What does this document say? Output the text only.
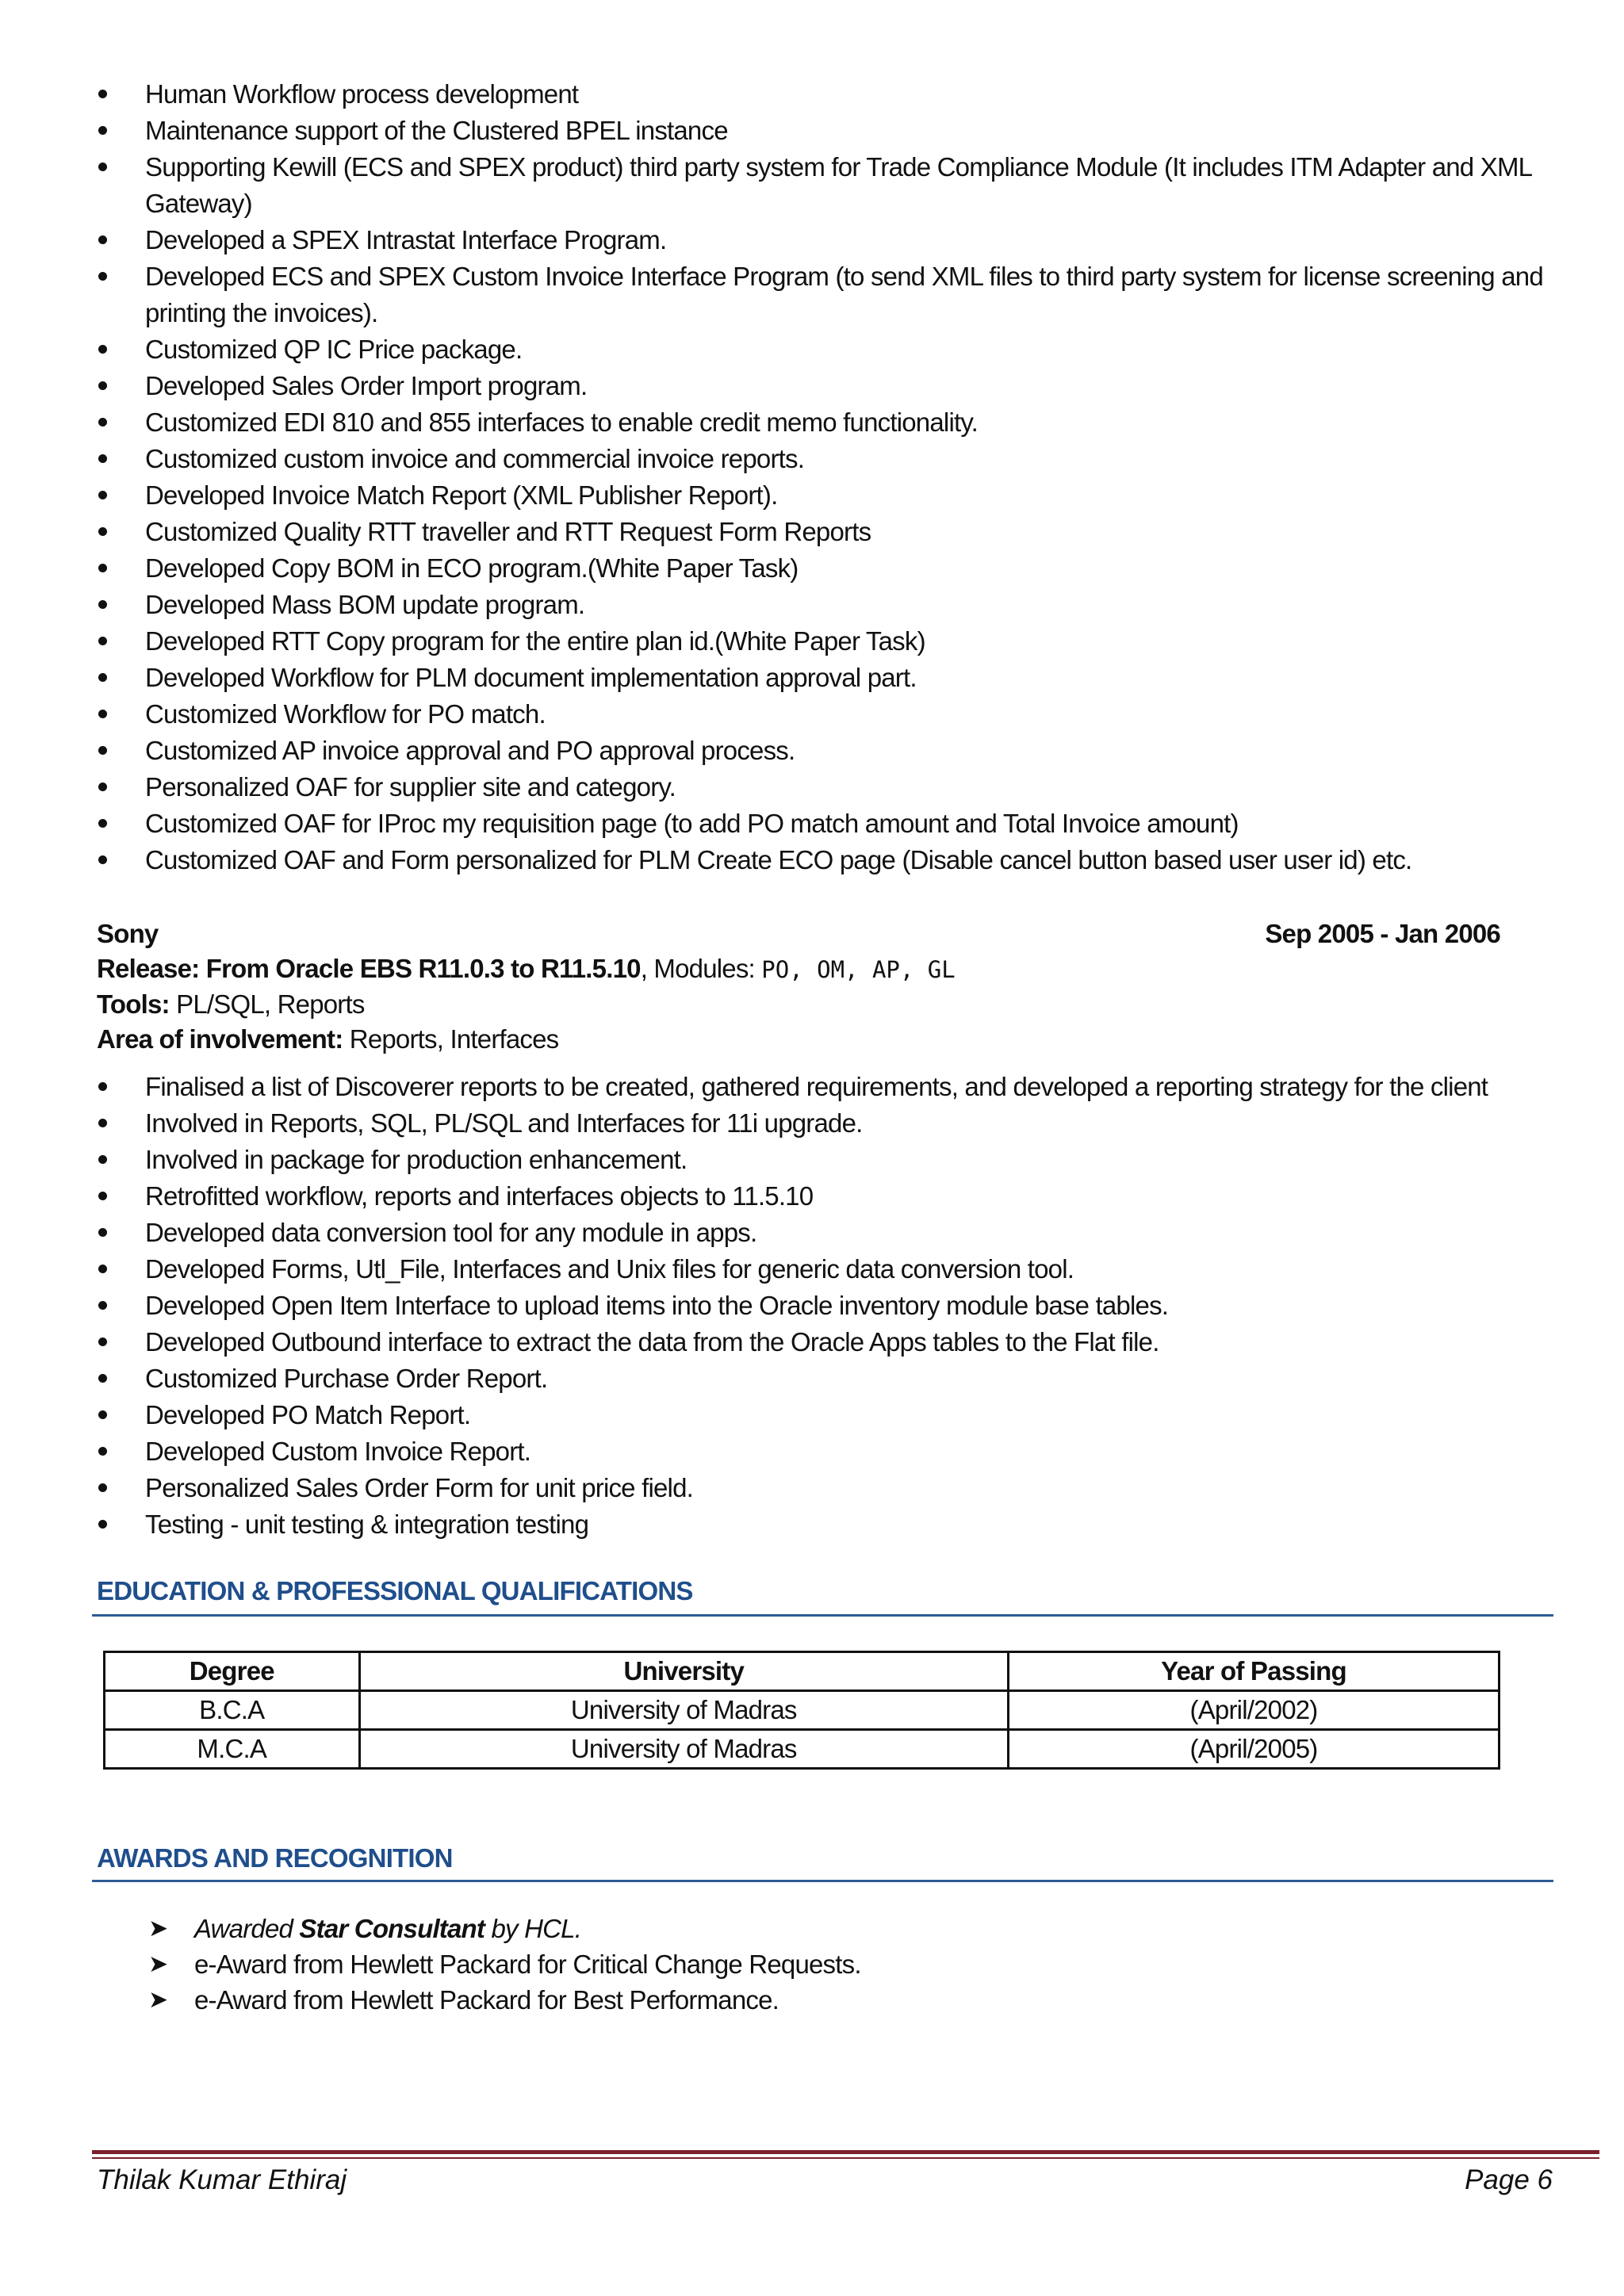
Human Workflow process development
Maintenance support of the Clustered BPEL instance
Supporting Kewill (ECS and SPEX product) third party system for Trade Compliance Module (It includes ITM Adapter and XML Gateway)
Developed a SPEX Intrastat Interface Program.
Developed ECS and SPEX Custom Invoice Interface Program (to send XML files to third party system for license screening and printing the invoices).
Customized QP IC Price package.
Developed Sales Order Import program.
Customized EDI 810 and 855 interfaces to enable credit memo functionality.
Customized custom invoice and commercial invoice reports.
Developed Invoice Match Report (XML Publisher Report).
Customized Quality RTT traveller and RTT Request Form Reports
Developed Copy BOM in ECO program.(White Paper Task)
Developed Mass BOM update program.
Developed RTT Copy program for the entire plan id.(White Paper Task)
Developed Workflow for PLM document implementation approval part.
Customized Workflow for PO match.
Customized AP invoice approval and PO approval process.
Personalized OAF for supplier site and category.
Customized OAF for IProc my requisition page (to add PO match amount and Total Invoice amount)
Customized OAF and Form personalized for PLM Create ECO page (Disable cancel button based user user id) etc.
Sony	Sep 2005 - Jan 2006
Release: From Oracle EBS R11.0.3 to R11.5.10, Modules: PO, OM, AP, GL
Tools: PL/SQL, Reports
Area of involvement: Reports, Interfaces
Finalised a list of Discoverer reports to be created, gathered requirements, and developed a reporting strategy for the client
Involved in Reports, SQL, PL/SQL and Interfaces for 11i upgrade.
Involved in package for production enhancement.
Retrofitted workflow, reports and interfaces objects to 11.5.10
Developed data conversion tool for any module in apps.
Developed Forms, Utl_File, Interfaces and Unix files for generic data conversion tool.
Developed Open Item Interface to upload items into the Oracle inventory module base tables.
Developed Outbound interface to extract the data from the Oracle Apps tables to the Flat file.
Customized Purchase Order Report.
Developed PO Match Report.
Developed Custom Invoice Report.
Personalized Sales Order Form for unit price field.
Testing - unit testing & integration testing
EDUCATION & PROFESSIONAL QUALIFICATIONS
Degree	University	Year of Passing
B.C.A	University of Madras	(April/2002)
M.C.A	University of Madras	(April/2005)
AWARDS AND RECOGNITION
➤ Awarded Star Consultant by HCL.
➤ e-Award from Hewlett Packard for Critical Change Requests.
➤ e-Award from Hewlett Packard for Best Performance.
Thilak Kumar Ethiraj	Page 6
